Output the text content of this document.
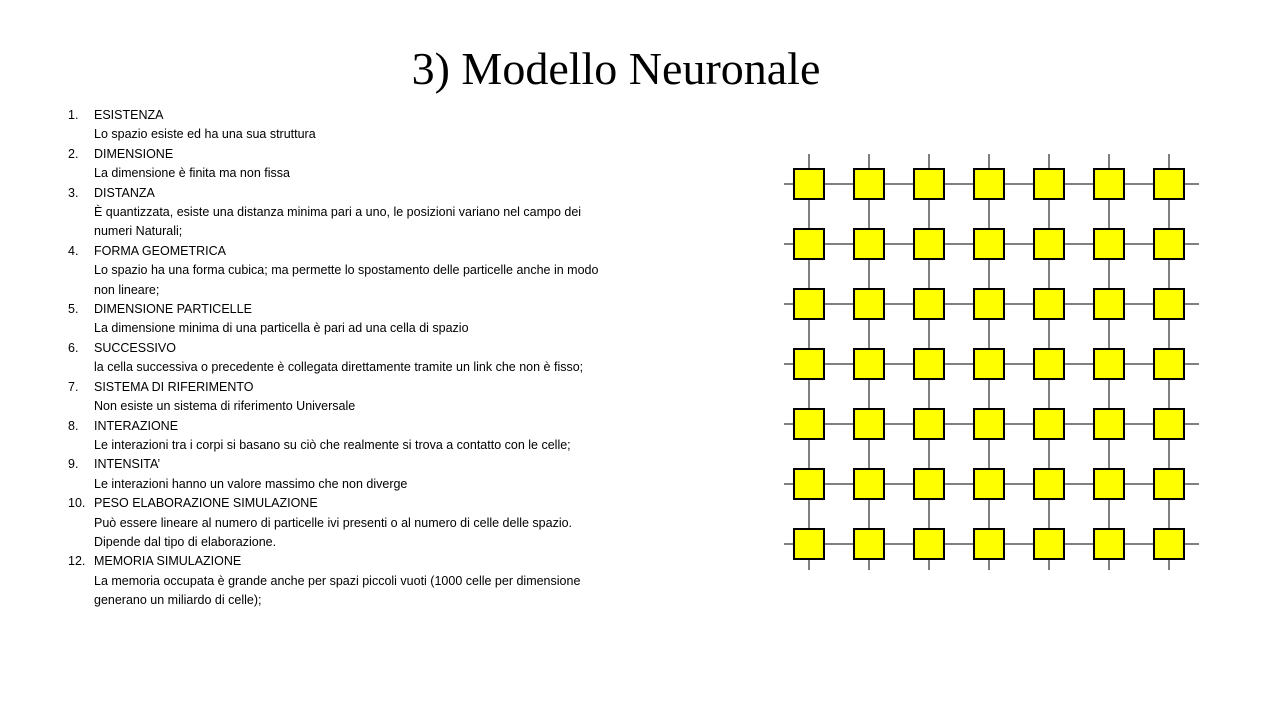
3) Modello Neuronale
1. ESISTENZA
Lo spazio esiste ed ha una sua struttura
2. DIMENSIONE
La dimensione è finita ma non fissa
3. DISTANZA
È quantizzata, esiste una distanza minima pari a uno, le posizioni variano nel campo dei numeri Naturali;
4. FORMA GEOMETRICA
Lo spazio ha una forma cubica; ma permette lo spostamento delle particelle anche in modo non lineare;
5. DIMENSIONE PARTICELLE
La dimensione minima di una particella è pari ad una cella di spazio
6. SUCCESSIVO
la cella successiva o precedente è collegata direttamente tramite un link che non è fisso;
7. SISTEMA DI RIFERIMENTO
Non esiste un sistema di riferimento Universale
8. INTERAZIONE
Le interazioni tra i corpi si basano su ciò che realmente si trova a contatto con le celle;
9. INTENSITA’
Le interazioni hanno un valore massimo che non diverge
10. PESO ELABORAZIONE SIMULAZIONE
Può essere lineare al numero di particelle ivi presenti o al numero di celle delle spazio. Dipende dal tipo di elaborazione.
12. MEMORIA SIMULAZIONE
La memoria occupata è grande anche per spazi piccoli vuoti (1000 celle per dimensione generano un miliardo di celle);
